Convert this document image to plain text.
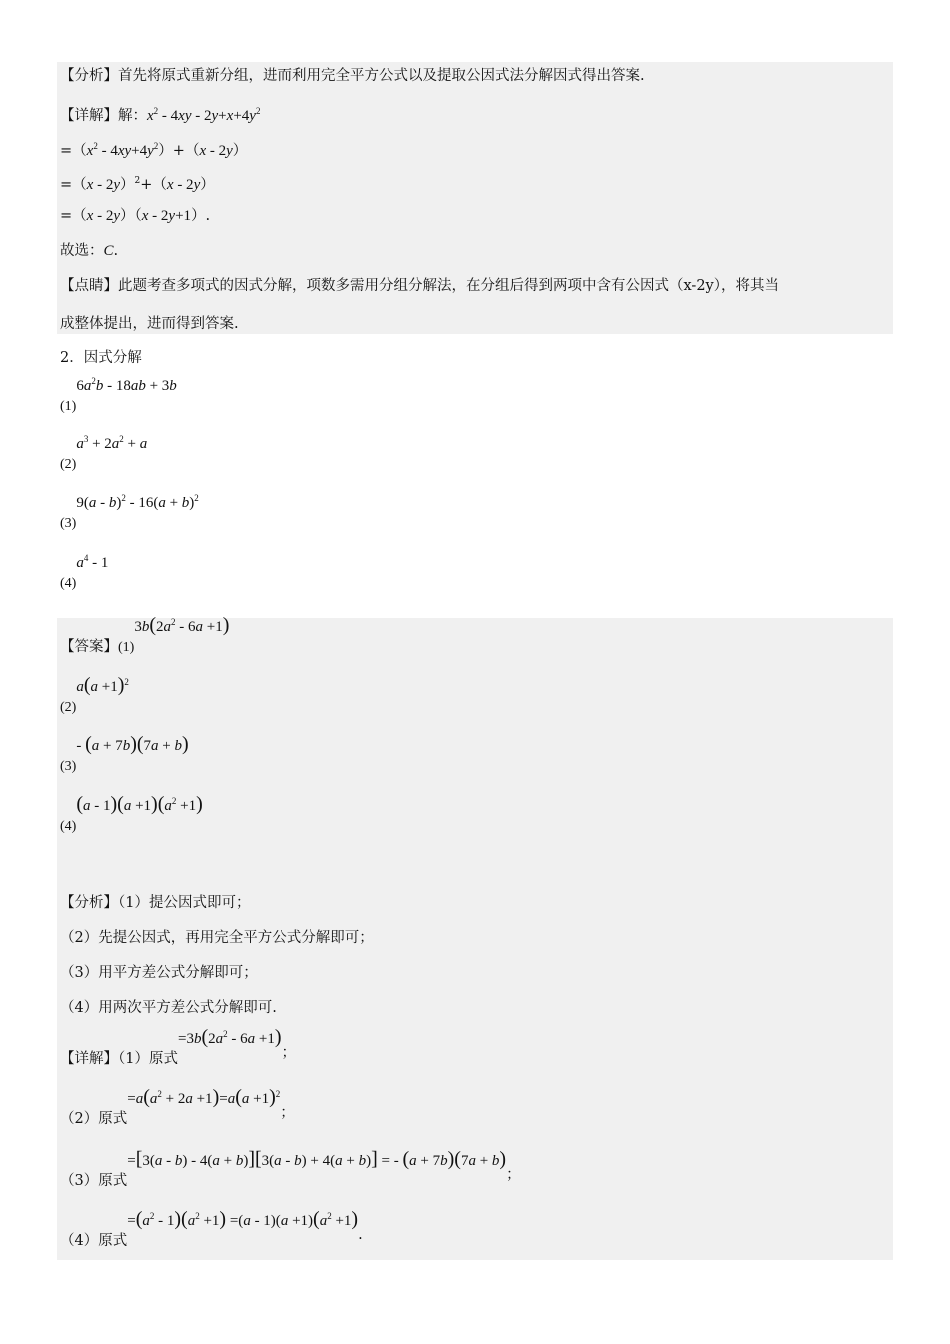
【分析】首先将原式重新分组，进而利用完全平方公式以及提取公因式法分解因式得出答案.
【详解】解：$x^2 - 4xy - 2y+x+4y^2$
$=(x^2 - 4xy+4y^2)+(x - 2y)$
=（x - 2y）$^2$+（x - 2y）
=（x - 2y）（x - 2y+1）.
故选：C.
【点睛】此题考查多项式的因式分解，项数多需用分组分解法，在分组后得到两项中含有公因式（x-2y），将其当
成整体提出，进而得到答案.
2．因式分解
$(1)6a^2b - 18ab + 3b$
$(2)a^3 + 2a^2 + a$
$(3)9(a - b)^2 - 16(a + b)^2$
$(4)a^4 - 1$
【答案】$(1)3b(2a^2 - 6a +1)$
$(2)a(a +1)^2$
(3)- (a + 7b)(7a + b)
$(4)(a - 1)(a +1)(a^2 +1)$
【分析】（1）提公因式即可；
（2）先提公因式，再用完全平方公式分解即可；
（3）用平方差公式分解即可；
（4）用两次平方差公式分解即可.
【详解】（1）原式$=3b(2a^2 - 6a +1)$；
（2）原式$=a(a^2 + 2a +1)=a(a +1)^2$；
（3）原式=[3(a - b) - 4(a + b)][3(a - b) + 4(a + b)] = - (a + 7b)(7a + b)；
（4）原式$=(a^2 - 1)(a^2 +1) =(a - 1)(a +1)(a^2 +1)$.
